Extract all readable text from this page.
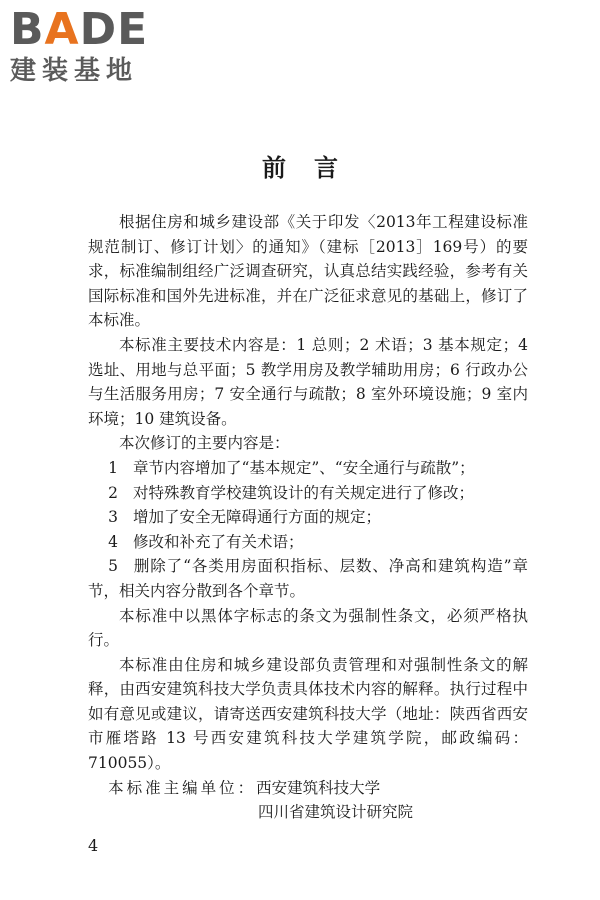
BADE
建装基地
前言

根据住房和城乡建设部《关于印发〈2013年工程建设标准规范制订、修订计划〉的通知》（建标［2013］169号）的要求，标准编制组经广泛调查研究，认真总结实践经验，参考有关国际标准和国外先进标准，并在广泛征求意见的基础上，修订了本标准。

本标准主要技术内容是：1 总则；2 术语；3 基本规定；4 选址、用地与总平面；5 教学用房及教学辅助用房；6 行政办公与生活服务用房；7 安全通行与疏散；8 室外环境设施；9 室内环境；10 建筑设备。

本次修订的主要内容是：

1 章节内容增加了“基本规定”、“安全通行与疏散”；

2 对特殊教育学校建筑设计的有关规定进行了修改；

3 增加了安全无障碍通行方面的规定；

4 修改和补充了有关术语；

5 删除了“各类用房面积指标、层数、净高和建筑构造”章节，相关内容分散到各个章节。

本标准中以黑体字标志的条文为强制性条文，必须严格执行。

本标准由住房和城乡建设部负责管理和对强制性条文的解释，由西安建筑科技大学负责具体技术内容的解释。执行过程中如有意见或建议，请寄送西安建筑科技大学（地址：陕西省西安市雁塔路 13 号西安建筑科技大学建筑学院，邮政编码：710055）。

本标准主编单位：西安建筑科技大学

四川省建筑设计研究院

4
